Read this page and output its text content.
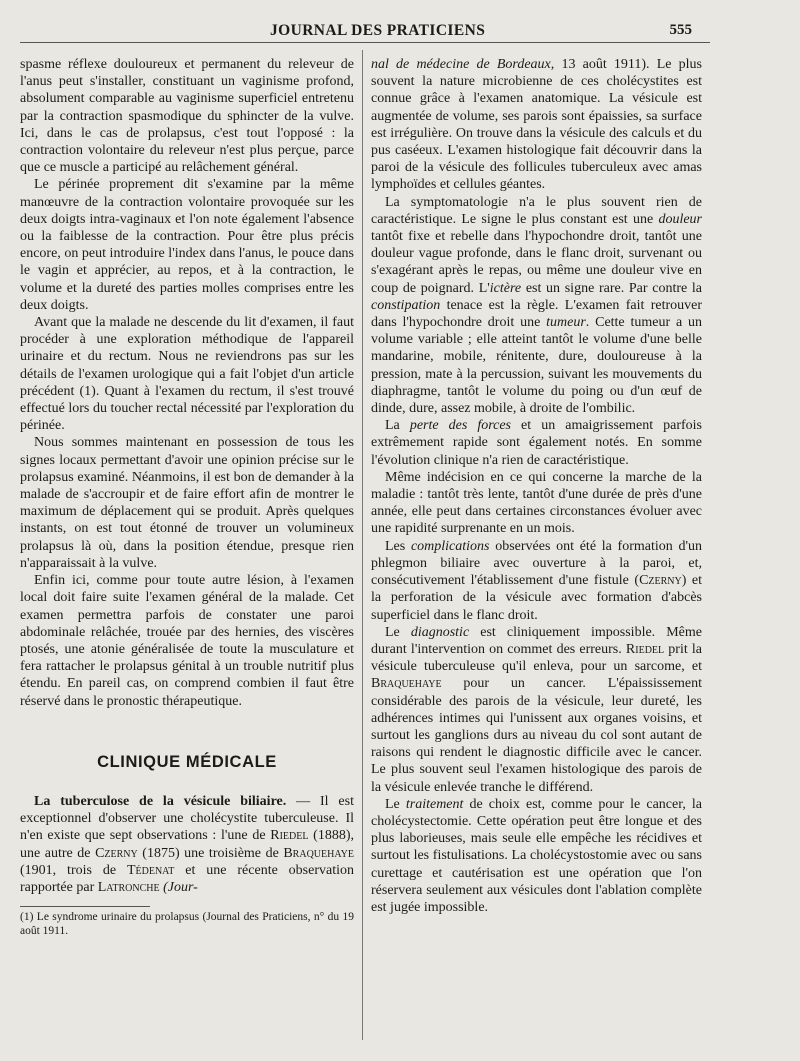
JOURNAL DES PRATICIENS	555

spasme réflexe douloureux et permanent du releveur de l'anus peut s'installer, constituant un vaginisme profond, absolument comparable au vaginisme superficiel entretenu par la contraction spasmodique du sphincter de la vulve. Ici, dans le cas de prolapsus, c'est tout l'opposé : la contraction volontaire du releveur n'est plus perçue, parce que ce muscle a participé au relâchement général.

Le périnée proprement dit s'examine par la même manœuvre de la contraction volontaire provoquée sur les deux doigts intra-vaginaux et l'on note également l'absence ou la faiblesse de la contraction. Pour être plus précis encore, on peut introduire l'index dans l'anus, le pouce dans le vagin et apprécier, au repos, et à la contraction, le volume et la dureté des parties molles comprises entre les deux doigts.

Avant que la malade ne descende du lit d'examen, il faut procéder à une exploration méthodique de l'appareil urinaire et du rectum. Nous ne reviendrons pas sur les détails de l'examen urologique qui a fait l'objet d'un article précédent (1). Quant à l'examen du rectum, il s'est trouvé effectué lors du toucher rectal nécessité par l'exploration du périnée.

Nous sommes maintenant en possession de tous les signes locaux permettant d'avoir une opinion précise sur le prolapsus examiné. Néanmoins, il est bon de demander à la malade de s'accroupir et de faire effort afin de montrer le maximum de déplacement qui se produit. Après quelques instants, on est tout étonné de trouver un volumineux prolapsus là où, dans la position étendue, presque rien n'apparaissait à la vulve.

Enfin ici, comme pour toute autre lésion, à l'examen local doit faire suite l'examen général de la malade. Cet examen permettra parfois de constater une paroi abdominale relâchée, trouée par des hernies, des viscères ptosés, une atonie généralisée de toute la musculature et fera rattacher le prolapsus génital à un trouble nutritif plus étendu. En pareil cas, on comprend combien il faut être réservé dans le pronostic thérapeutique.

CLINIQUE MÉDICALE

La tuberculose de la vésicule biliaire. — Il est exceptionnel d'observer une cholécystite tuberculeuse. Il n'en existe que sept observations : l'une de Riedel (1888), une autre de Czerny (1875) une troisième de Braquehaye (1901, trois de Tédenat et une récente observation rapportée par Latronche (Jour-

(1) Le syndrome urinaire du prolapsus (Journal des Praticiens, n° du 19 août 1911.

nal de médecine de Bordeaux, 13 août 1911). Le plus souvent la nature microbienne de ces cholécystites est connue grâce à l'examen anatomique. La vésicule est augmentée de volume, ses parois sont épaissies, sa surface est irrégulière. On trouve dans la vésicule des calculs et du pus caséeux. L'examen histologique fait découvrir dans la paroi de la vésicule des follicules tuberculeux avec amas lymphoïdes et cellules géantes.

La symptomatologie n'a le plus souvent rien de caractéristique. Le signe le plus constant est une douleur tantôt fixe et rebelle dans l'hypochondre droit, tantôt une douleur vague profonde, dans le flanc droit, survenant ou s'exagérant après le repas, ou même une douleur vive en coup de poignard. L'ictère est un signe rare. Par contre la constipation tenace est la règle. L'examen fait retrouver dans l'hypochondre droit une tumeur. Cette tumeur a un volume variable ; elle atteint tantôt le volume d'une belle mandarine, mobile, rénitente, dure, douloureuse à la pression, mate à la percussion, suivant les mouvements du diaphragme, tantôt le volume du poing ou d'un œuf de dinde, dure, assez mobile, à droite de l'ombilic.

La perte des forces et un amaigrissement parfois extrêmement rapide sont également notés. En somme l'évolution clinique n'a rien de caractéristique.

Même indécision en ce qui concerne la marche de la maladie : tantôt très lente, tantôt d'une durée de près d'une année, elle peut dans certaines circonstances évoluer avec une rapidité surprenante en un mois.

Les complications observées ont été la formation d'un phlegmon biliaire avec ouverture à la paroi, et, consécutivement l'établissement d'une fistule (Czerny) et la perforation de la vésicule avec formation d'abcès superficiel dans le flanc droit.

Le diagnostic est cliniquement impossible. Même durant l'intervention on commet des erreurs. Riedel prit la vésicule tuberculeuse qu'il enleva, pour un sarcome, et Braquehaye pour un cancer. L'épaississement considérable des parois de la vésicule, leur dureté, les adhérences intimes qui l'unissent aux organes voisins, et surtout les ganglions durs au niveau du col sont autant de raisons qui rendent le diagnostic difficile avec le cancer. Le plus souvent seul l'examen histologique des parois de la vésicule enlevée tranche le différend.

Le traitement de choix est, comme pour le cancer, la cholécystectomie. Cette opération peut être longue et des plus laborieuses, mais seule elle empêche les récidives et surtout les fistulisations. La cholécystostomie avec ou sans curettage et cautérisation est une opération que l'on réservera seulement aux vésicules dont l'ablation complète est jugée impossible.
